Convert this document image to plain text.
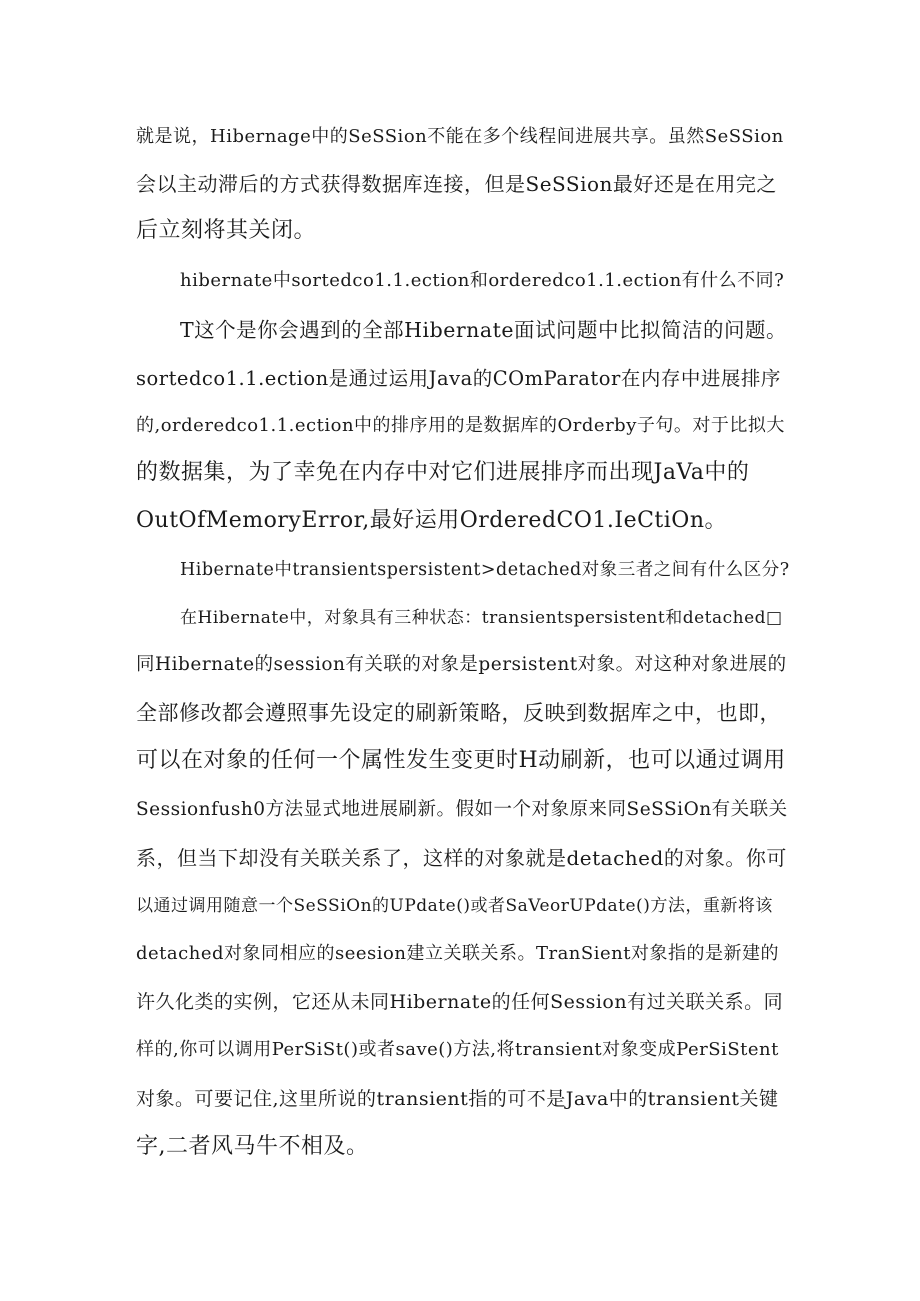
就是说，Hibernage中的SeSSion不能在多个线程间进展共享。虽然SeSSion
会以主动滞后的方式获得数据库连接，但是SeSSion最好还是在用完之
后立刻将其关闭。
hibernate中sortedco1.1.ection和orderedco1.1.ection有什么不同?
T这个是你会遇到的全部Hibernate面试问题中比拟简洁的问题。
sortedco1.1.ection是通过运用Java的COmParator在内存中进展排序
的,orderedco1.1.ection中的排序用的是数据库的Orderby子句。对于比拟大
的数据集，为了幸免在内存中对它们进展排序而出现JaVa中的
OutOfMemoryError,最好运用OrderedCO1.IeCtiOn。
Hibernate中transientspersistent>detached对象三者之间有什么区分?
在Hibernate中，对象具有三种状态：transientspersistent和detached□
同Hibernate的session有关联的对象是persistent对象。对这种对象进展的
全部修改都会遵照事先设定的刷新策略，反映到数据库之中，也即，
可以在对象的任何一个属性发生变更时H动刷新，也可以通过调用
Sessionfush0方法显式地进展刷新。假如一个对象原来同SeSSiOn有关联关
系，但当下却没有关联关系了，这样的对象就是detached的对象。你可
以通过调用随意一个SeSSiOn的UPdate()或者SaVeorUPdate()方法，重新将该
detached对象同相应的seesion建立关联关系。TranSient对象指的是新建的
许久化类的实例，它还从未同Hibernate的任何Session有过关联关系。同
样的,你可以调用PerSiSt()或者save()方法,将transient对象变成PerSiStent
对象。可要记住,这里所说的transient指的可不是Java中的transient关键
字,二者风马牛不相及。
